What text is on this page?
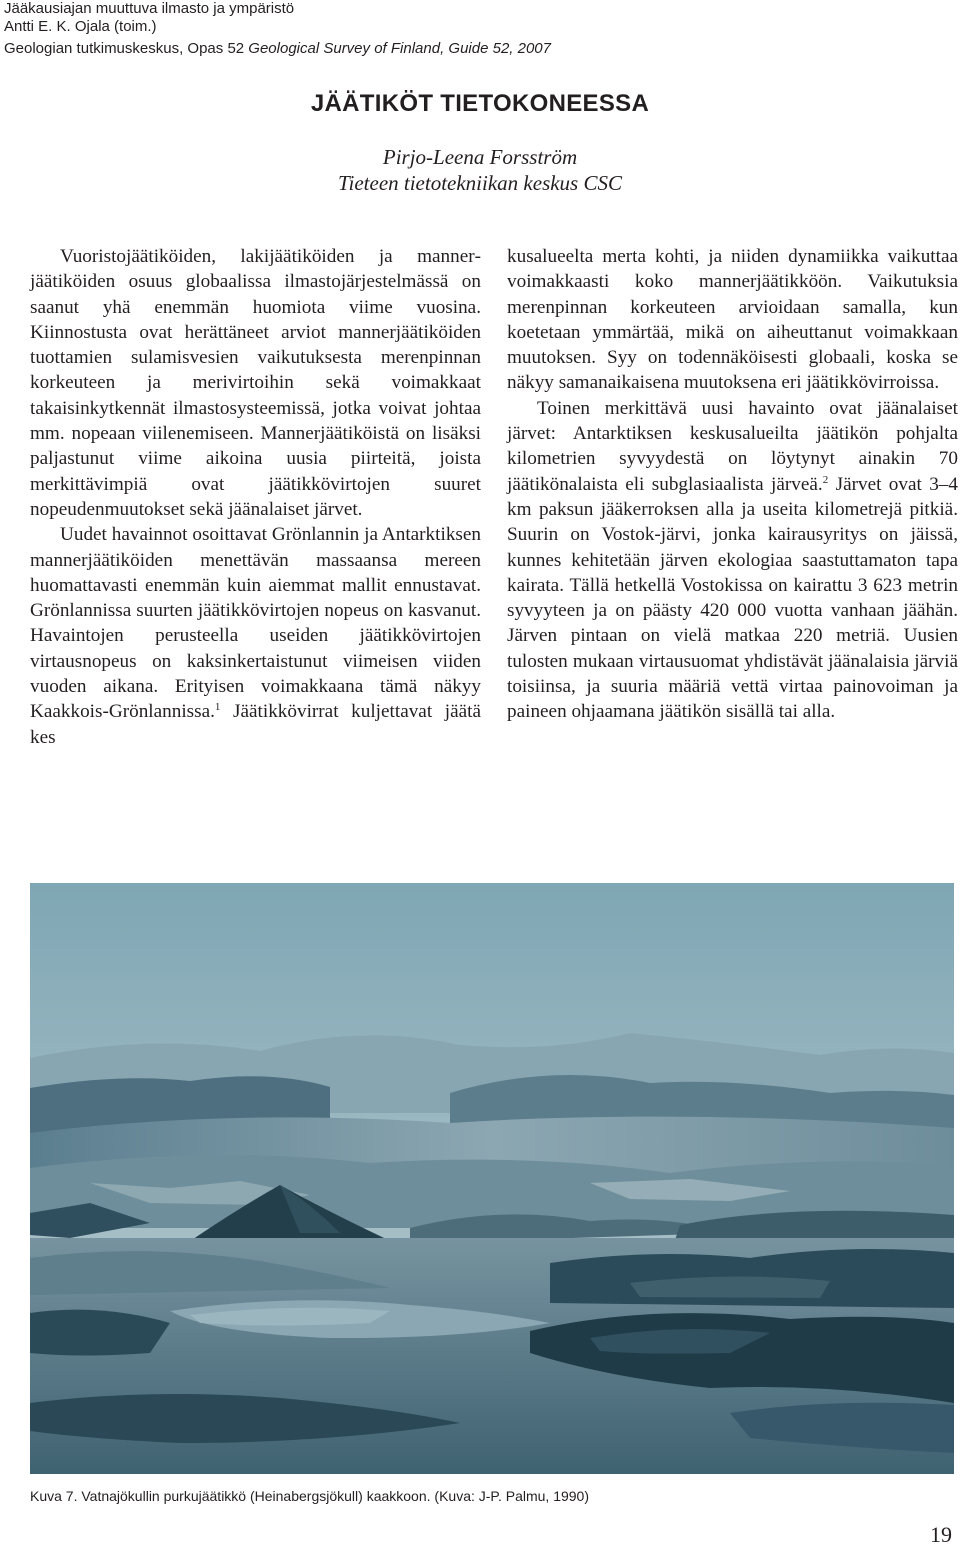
Jääkausiajan muuttuva ilmasto ja ympäristö
Antti E. K. Ojala (toim.)
Geologian tutkimuskeskus, Opas 52 Geological Survey of Finland, Guide 52, 2007
JÄÄTIKÖT TIETOKONEESSA
Pirjo-Leena Forsström
Tieteen tietotekniikan keskus CSC

Vuoristojäätiköiden, lakijäätiköiden ja mannerjäätiköiden osuus globaalissa ilmastojärjestelmässä on saanut yhä enemmän huomiota viime vuosina. Kiinnostusta ovat herättäneet arviot mannerjäätiköiden tuottamien sulamisvesien vaikutuksesta merenpinnan korkeuteen ja merivirtoihin sekä voimakkaat takaisinkytkennät ilmastosysteemissä, jotka voivat johtaa mm. nopeaan viilenemiseen. Mannerjäätiköistä on lisäksi paljastunut viime aikoina uusia piirteitä, joista merkittävimpiä ovat jäätikkövirtojen suuret nopeudenmuutokset sekä jäänalaiset järvet.

Uudet havainnot osoittavat Grönlannin ja Antarktiksen mannerjäätiköiden menettävän massaansa mereen huomattavasti enemmän kuin aiemmat mallit ennustavat. Grönlannissa suurten jäätikkövirtojen nopeus on kasvanut. Havaintojen perusteella useiden jäätikkövirtojen virtausnopeus on kaksinkertaistunut viimeisen viiden vuoden aikana. Erityisen voimakkaana tämä näkyy Kaakkois-Grönlannissa.$^1$ Jäätikkövirrat kuljettavat jäätä kes

kusalueelta merta kohti, ja niiden dynamiikka vaikuttaa voimakkaasti koko mannerjäätikköön. Vaikutuksia merenpinnan korkeuteen arvioidaan samalla, kun koetetaan ymmärtää, mikä on aiheuttanut voimakkaan muutoksen. Syy on todennäköisesti globaali, koska se näkyy samanaikaisena muutoksena eri jäätikkövirroissa.

Toinen merkittävä uusi havainto ovat jäänalaiset järvet: Antarktiksen keskusalueilta jäätikön pohjalta kilometrien syvyydestä on löytynyt ainakin 70 jäätikönalaista eli subglasiaalista järveä.$^2$ Järvet ovat 3–4 km paksun jääkerroksen alla ja useita kilometrejä pitkiä. Suurin on Vostok-järvi, jonka kairausyritys on jäissä, kunnes kehitetään järven ekologiaa saastuttamaton tapa kairata. Tällä hetkellä Vostokissa on kairattu 3 623 metrin syvyyteen ja on päästy 420 000 vuotta vanhaan jäähän. Järven pintaan on vielä matkaa 220 metriä. Uusien tulosten mukaan virtausuomat yhdistävät jäänalaisia järviä toisiinsa, ja suuria määriä vettä virtaa painovoiman ja paineen ohjaamana jäätikön sisällä tai alla.

Kuva 7. Vatnajökullin purkujäätikkö (Heinabergsjökull) kaakkoon. (Kuva: J-P. Palmu, 1990)
19
